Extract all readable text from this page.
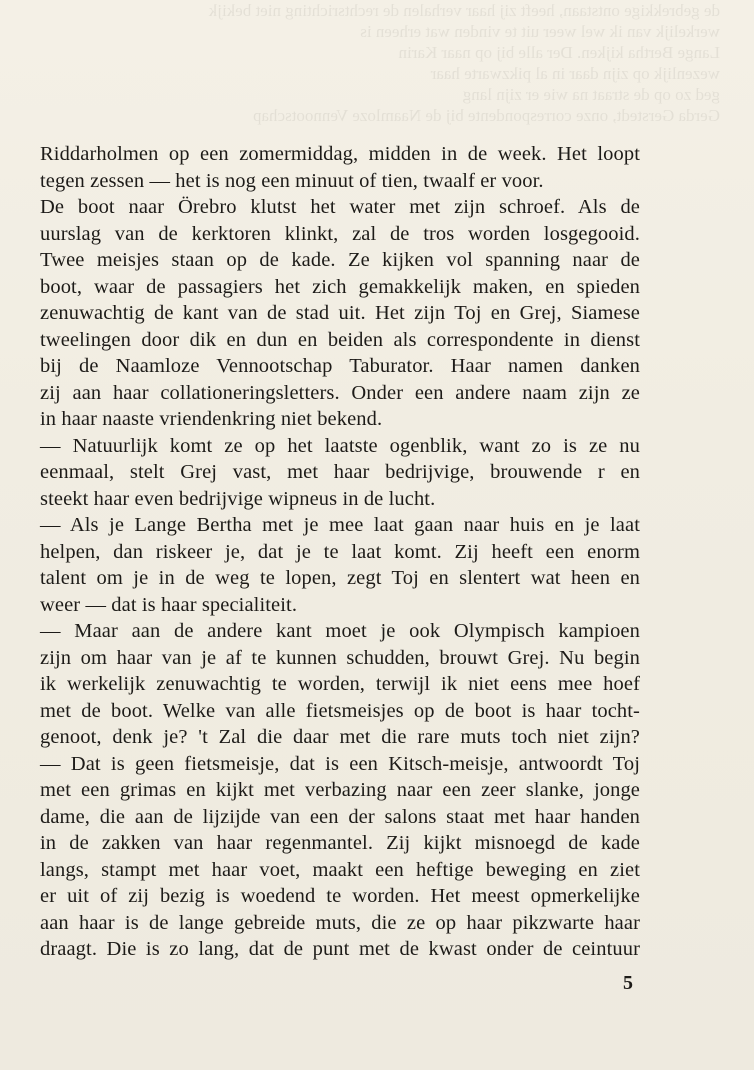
de gebrekkige ontstaan, heeft zij haar verhalen de rechtsrichting niet bekijk
werkelijk van ik wel weer uit te vinden wat erheen is
Lange Bertha kijken. Der alle bij op naar Karin
wezenlijk op zijn daar in al pikzwarte haar
ged zo op de straat na wie er zijn lang
Gerda Gerstedt, onze correspondente bij de Naamloze Vennootschap
Riddarholmen op een zomermiddag, midden in de week. Het loopt
tegen zessen — het is nog een minuut of tien, twaalf er voor.
De boot naar Örebro klutst het water met zijn schroef. Als de
uurslag van de kerktoren klinkt, zal de tros worden losgegooid.
Twee meisjes staan op de kade. Ze kijken vol spanning naar de
boot, waar de passagiers het zich gemakkelijk maken, en spieden
zenuwachtig de kant van de stad uit. Het zijn Toj en Grej, Siamese
tweelingen door dik en dun en beiden als correspondente in dienst
bij de Naamloze Vennootschap Taburator. Haar namen danken
zij aan haar collationeringsletters. Onder een andere naam zijn ze
in haar naaste vriendenkring niet bekend.
— Natuurlijk komt ze op het laatste ogenblik, want zo is ze nu
eenmaal, stelt Grej vast, met haar bedrijvige, brouwende r en
steekt haar even bedrijvige wipneus in de lucht.
— Als je Lange Bertha met je mee laat gaan naar huis en je laat
helpen, dan riskeer je, dat je te laat komt. Zij heeft een enorm
talent om je in de weg te lopen, zegt Toj en slentert wat heen en
weer — dat is haar specialiteit.
— Maar aan de andere kant moet je ook Olympisch kampioen
zijn om haar van je af te kunnen schudden, brouwt Grej. Nu begin
ik werkelijk zenuwachtig te worden, terwijl ik niet eens mee hoef
met de boot. Welke van alle fietsmeisjes op de boot is haar tocht-
genoot, denk je? 't Zal die daar met die rare muts toch niet zijn?
— Dat is geen fietsmeisje, dat is een Kitsch-meisje, antwoordt Toj
met een grimas en kijkt met verbazing naar een zeer slanke, jonge
dame, die aan de lijzijde van een der salons staat met haar handen
in de zakken van haar regenmantel. Zij kijkt misnoegd de kade
langs, stampt met haar voet, maakt een heftige beweging en ziet
er uit of zij bezig is woedend te worden. Het meest opmerkelijke
aan haar is de lange gebreide muts, die ze op haar pikzwarte haar
draagt. Die is zo lang, dat de punt met de kwast onder de ceintuur
5
